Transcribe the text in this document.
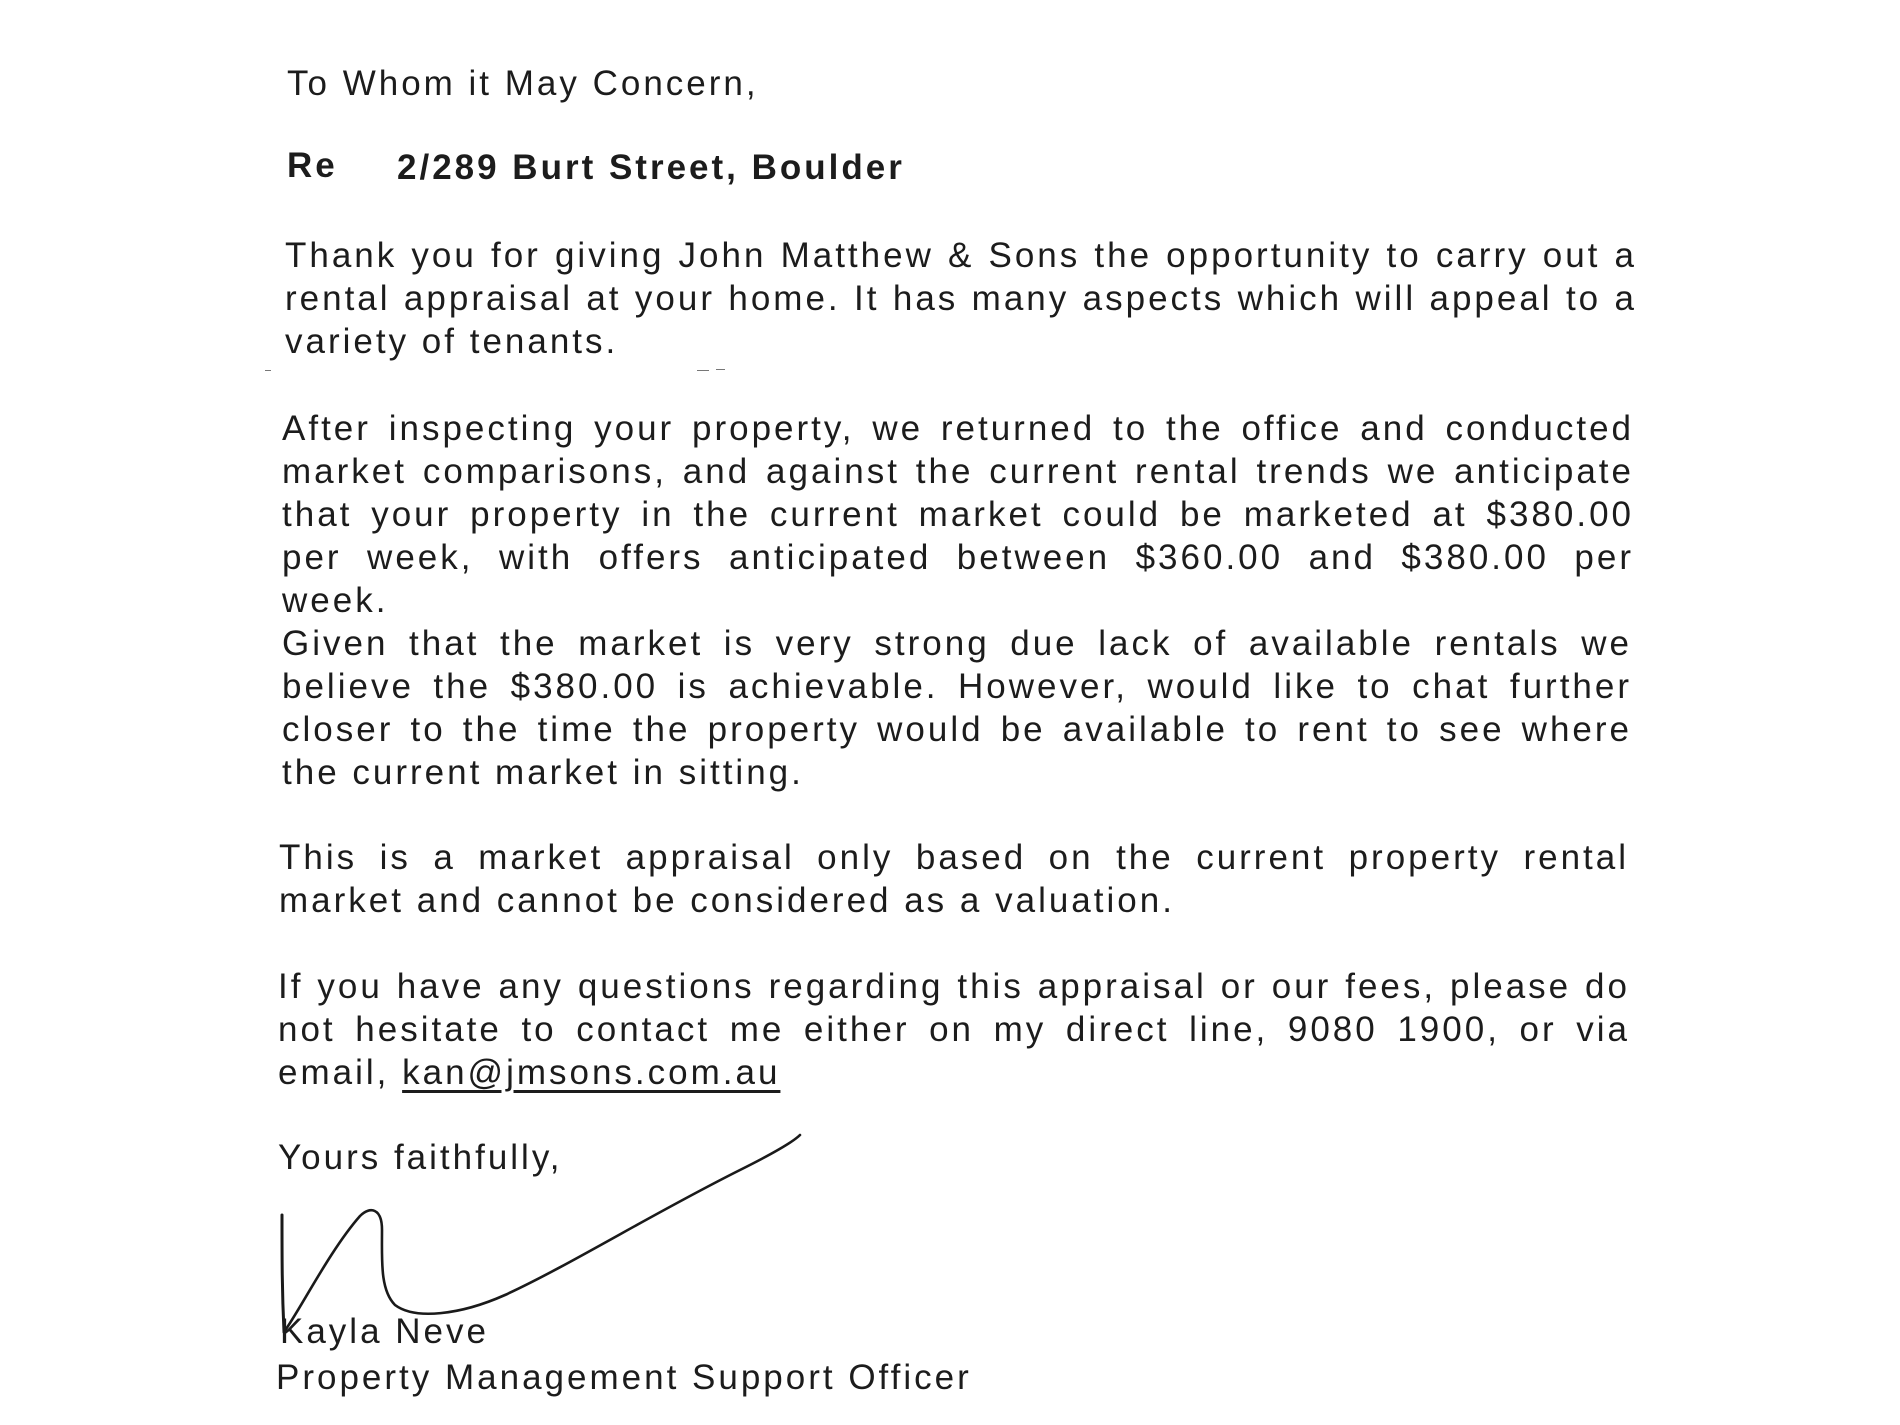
To Whom it May Concern,
Re 2/289 Burt Street, Boulder

Thank you for giving John Matthew & Sons the opportunity to carry out a rental appraisal at your home. It has many aspects which will appeal to a variety of tenants.

After inspecting your property, we returned to the office and conducted market comparisons, and against the current rental trends we anticipate that your property in the current market could be marketed at $380.00 per week, with offers anticipated between $360.00 and $380.00 per week.

Given that the market is very strong due lack of available rentals we believe the $380.00 is achievable. However, would like to chat further closer to the time the property would be available to rent to see where the current market in sitting.

This is a market appraisal only based on the current property rental market and cannot be considered as a valuation.

If you have any questions regarding this appraisal or our fees, please do not hesitate to contact me either on my direct line, 9080 1900, or via email, kan@jmsons.com.au

Yours faithfully,
Kayla Neve
Property Management Support Officer
